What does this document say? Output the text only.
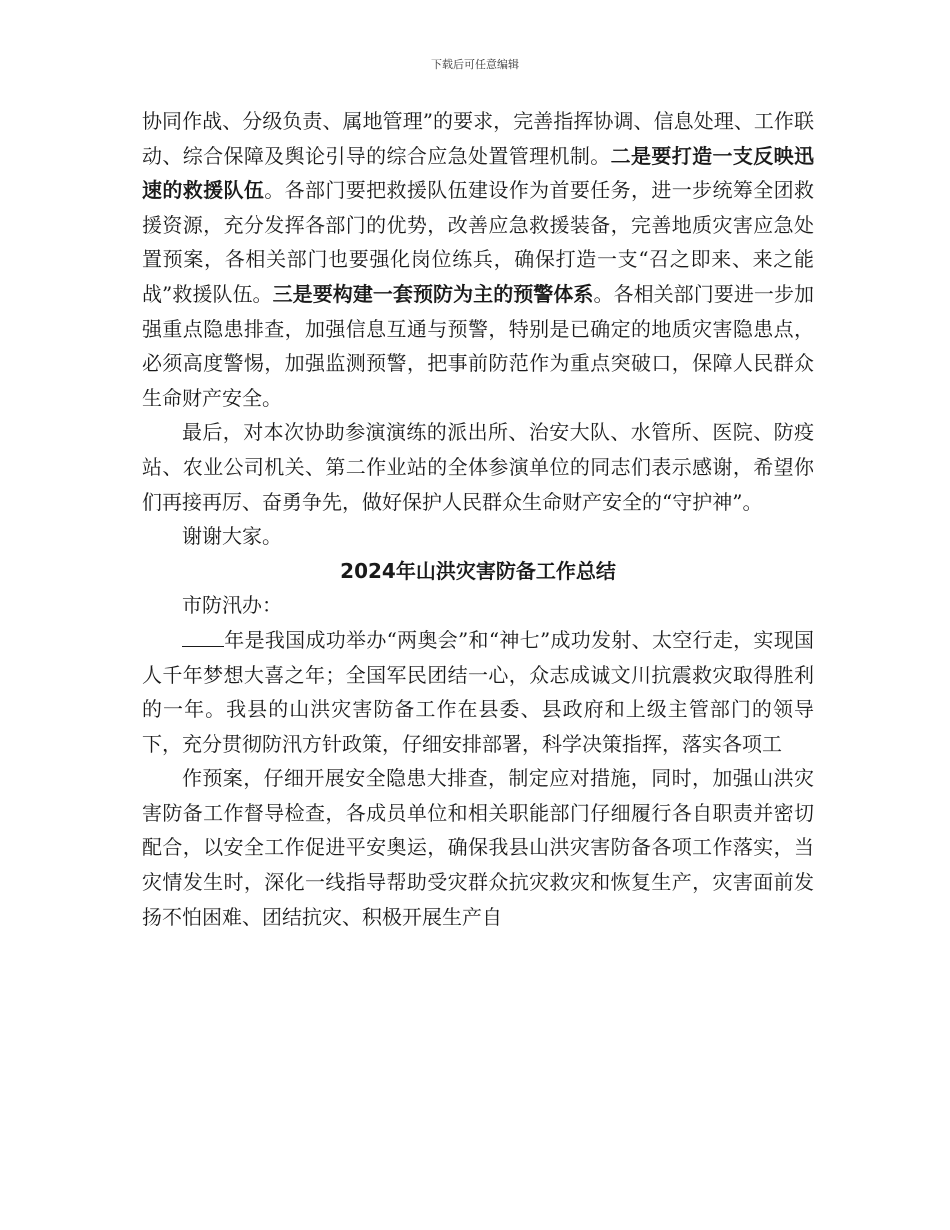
下载后可任意编辑

协同作战、分级负责、属地管理”的要求，完善指挥协调、信息处理、工作联动、综合保障及舆论引导的综合应急处置管理机制。二是要打造一支反映迅速的救援队伍。各部门要把救援队伍建设作为首要任务，进一步统筹全团救援资源，充分发挥各部门的优势，改善应急救援装备，完善地质灾害应急处置预案，各相关部门也要强化岗位练兵，确保打造一支“召之即来、来之能战”救援队伍。三是要构建一套预防为主的预警体系。各相关部门要进一步加强重点隐患排查，加强信息互通与预警，特别是已确定的地质灾害隐患点，必须高度警惕，加强监测预警，把事前防范作为重点突破口，保障人民群众生命财产安全。

最后，对本次协助参演演练的派出所、治安大队、水管所、医院、防疫站、农业公司机关、第二作业站的全体参演单位的同志们表示感谢，希望你们再接再厉、奋勇争先，做好保护人民群众生命财产安全的“守护神”。

谢谢大家。

2024年山洪灾害防备工作总结

市防汛办：

年是我国成功举办“两奥会”和“神七”成功发射、太空行走，实现国人千年梦想大喜之年；全国军民团结一心，众志成诚文川抗震救灾取得胜利的一年。我县的山洪灾害防备工作在县委、县政府和上级主管部门的领导下，充分贯彻防汛方针政策，仔细安排部署，科学决策指挥，落实各项工

作预案，仔细开展安全隐患大排查，制定应对措施，同时，加强山洪灾害防备工作督导检查，各成员单位和相关职能部门仔细履行各自职责并密切配合，以安全工作促进平安奥运，确保我县山洪灾害防备各项工作落实，当灾情发生时，深化一线指导帮助受灾群众抗灾救灾和恢复生产，灾害面前发扬不怕困难、团结抗灾、积极开展生产自
